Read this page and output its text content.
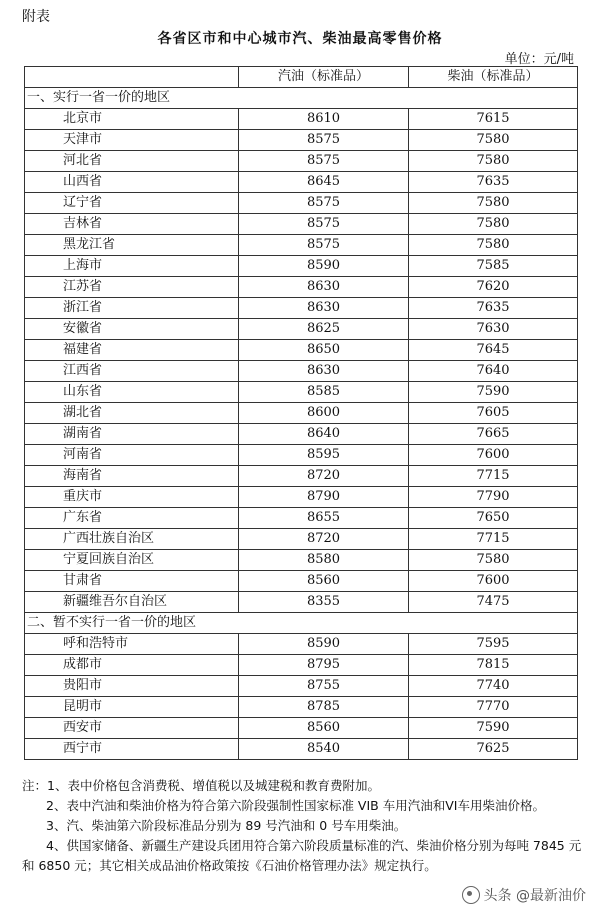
附表
各省区市和中心城市汽、柴油最高零售价格
单位：元/吨
	汽油（标准品）	柴油（标准品）
一、实行一省一价的地区		
北京市	8610	7615
天津市	8575	7580
河北省	8575	7580
山西省	8645	7635
辽宁省	8575	7580
吉林省	8575	7580
黑龙江省	8575	7580
上海市	8590	7585
江苏省	8630	7620
浙江省	8630	7635
安徽省	8625	7630
福建省	8650	7645
江西省	8630	7640
山东省	8585	7590
湖北省	8600	7605
湖南省	8640	7665
河南省	8595	7600
海南省	8720	7715
重庆市	8790	7790
广东省	8655	7650
广西壮族自治区	8720	7715
宁夏回族自治区	8580	7580
甘肃省	8560	7600
新疆维吾尔自治区	8355	7475
二、暂不实行一省一价的地区		
呼和浩特市	8590	7595
成都市	8795	7815
贵阳市	8755	7740
昆明市	8785	7770
西安市	8560	7590
西宁市	8540	7625

注：1、表中价格包含消费税、增值税以及城建税和教育费附加。

2、表中汽油和柴油价格为符合第六阶段强制性国家标准 VIB 车用汽油和VI车用柴油价格。

3、汽、柴油第六阶段标准品分别为 89 号汽油和 0 号车用柴油。

4、供国家储备、新疆生产建设兵团用符合第六阶段质量标准的汽、柴油价格分别为每吨 7845 元和 6850 元；其它相关成品油价格政策按《石油价格管理办法》规定执行。

头条 @最新油价
